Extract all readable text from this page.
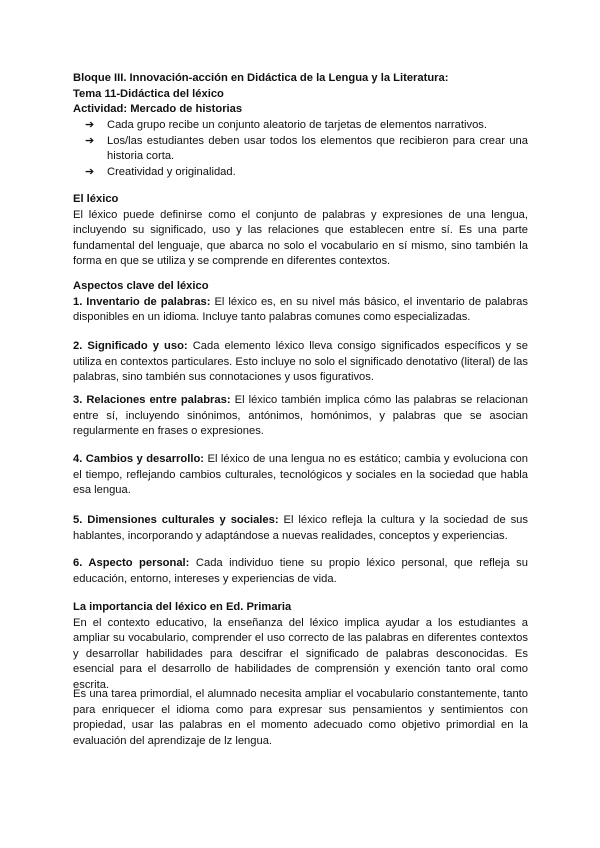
Bloque III. Innovación-acción en Didáctica de la Lengua y la Literatura:
Tema 11-Didáctica del léxico
Actividad: Mercado de historias
➔ Cada grupo recibe un conjunto aleatorio de tarjetas de elementos narrativos.
➔ Los/las estudiantes deben usar todos los elementos que recibieron para crear una historia corta.
➔ Creatividad y originalidad.
El léxico

El léxico puede definirse como el conjunto de palabras y expresiones de una lengua, incluyendo su significado, uso y las relaciones que establecen entre sí. Es una parte fundamental del lenguaje, que abarca no solo el vocabulario en sí mismo, sino también la forma en que se utiliza y se comprende en diferentes contextos.

Aspectos clave del léxico

1. Inventario de palabras: El léxico es, en su nivel más básico, el inventario de palabras disponibles en un idioma. Incluye tanto palabras comunes como especializadas.

2. Significado y uso: Cada elemento léxico lleva consigo significados específicos y se utiliza en contextos particulares. Esto incluye no solo el significado denotativo (literal) de las palabras, sino también sus connotaciones y usos figurativos.

3. Relaciones entre palabras: El léxico también implica cómo las palabras se relacionan entre sí, incluyendo sinónimos, antónimos, homónimos, y palabras que se asocian regularmente en frases o expresiones.

4. Cambios y desarrollo: El léxico de una lengua no es estático; cambia y evoluciona con el tiempo, reflejando cambios culturales, tecnológicos y sociales en la sociedad que habla esa lengua.

5. Dimensiones culturales y sociales: El léxico refleja la cultura y la sociedad de sus hablantes, incorporando y adaptándose a nuevas realidades, conceptos y experiencias.

6. Aspecto personal: Cada individuo tiene su propio léxico personal, que refleja su educación, entorno, intereses y experiencias de vida.

La importancia del léxico en Ed. Primaria

En el contexto educativo, la enseñanza del léxico implica ayudar a los estudiantes a ampliar su vocabulario, comprender el uso correcto de las palabras en diferentes contextos y desarrollar habilidades para descifrar el significado de palabras desconocidas. Es esencial para el desarrollo de habilidades de comprensión y exención tanto oral como escrita.

Es una tarea primordial, el alumnado necesita ampliar el vocabulario constantemente, tanto para enriquecer el idioma como para expresar sus pensamientos y sentimientos con propiedad, usar las palabras en el momento adecuado como objetivo primordial en la evaluación del aprendizaje de lz lengua.
